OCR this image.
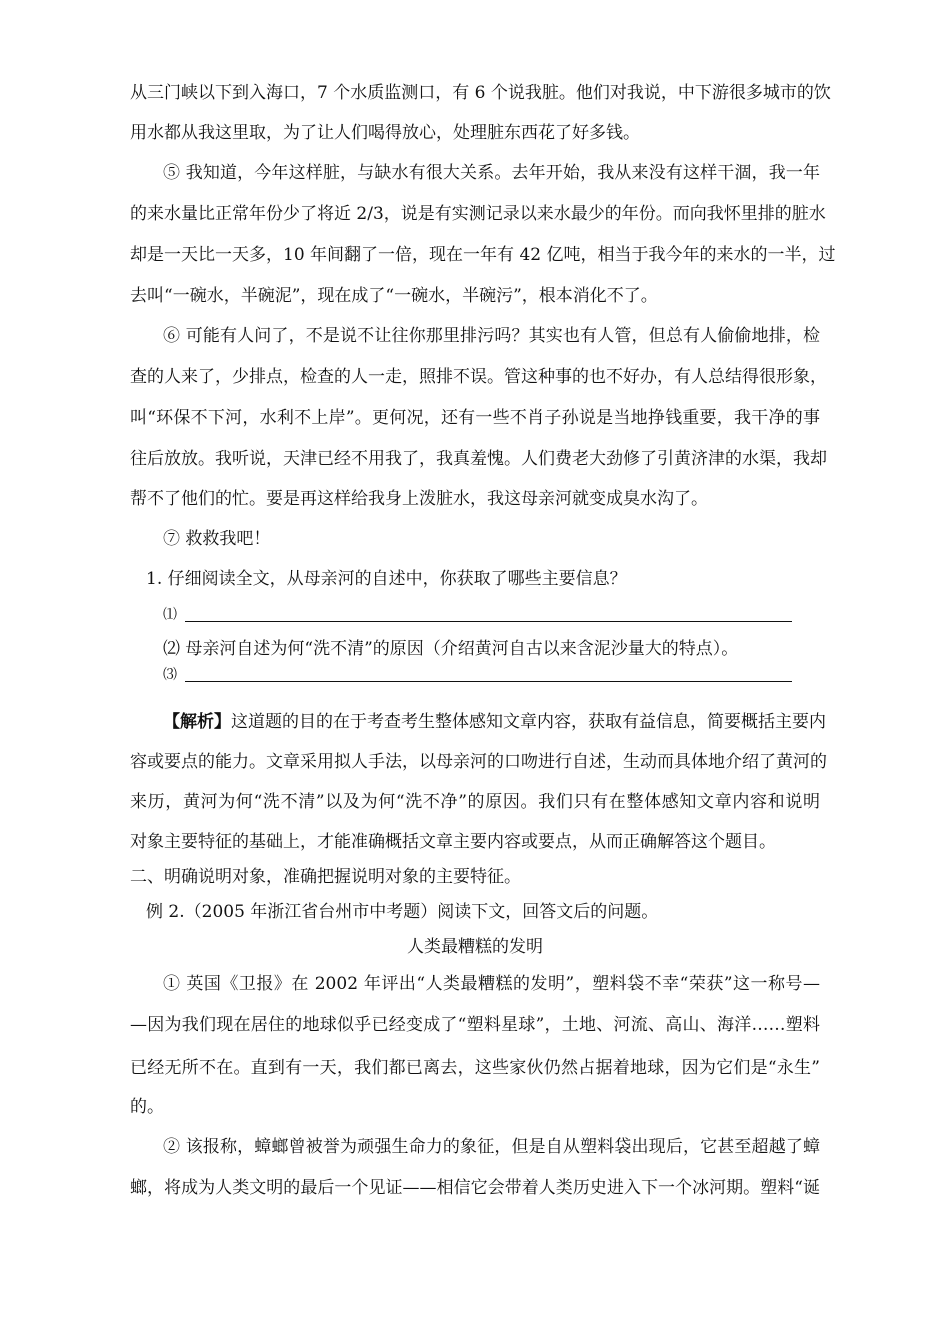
从三门峡以下到入海口，7 个水质监测口，有 6 个说我脏。他们对我说，中下游很多城市的饮
用水都从我这里取，为了让人们喝得放心，处理脏东西花了好多钱。
⑤ 我知道，今年这样脏，与缺水有很大关系。去年开始，我从来没有这样干涸，我一年
的来水量比正常年份少了将近 2/3，说是有实测记录以来水最少的年份。而向我怀里排的脏水
却是一天比一天多，10 年间翻了一倍，现在一年有 42 亿吨，相当于我今年的来水的一半，过
去叫“一碗水，半碗泥”，现在成了“一碗水，半碗污”，根本消化不了。
⑥ 可能有人问了，不是说不让往你那里排污吗？其实也有人管，但总有人偷偷地排，检
查的人来了，少排点，检查的人一走，照排不误。管这种事的也不好办，有人总结得很形象，
叫“环保不下河，水利不上岸”。更何况，还有一些不肖子孙说是当地挣钱重要，我干净的事
往后放放。我听说，天津已经不用我了，我真羞愧。人们费老大劲修了引黄济津的水渠，我却
帮不了他们的忙。要是再这样给我身上泼脏水，我这母亲河就变成臭水沟了。
⑦ 救救我吧！
1. 仔细阅读全文，从母亲河的自述中，你获取了哪些主要信息？
⑴
⑵ 母亲河自述为何“洗不清”的原因（介绍黄河自古以来含泥沙量大的特点）。
⑶
【解析】这道题的目的在于考查考生整体感知文章内容，获取有益信息，简要概括主要内
容或要点的能力。文章采用拟人手法，以母亲河的口吻进行自述，生动而具体地介绍了黄河的
来历，黄河为何“洗不清”以及为何“洗不净”的原因。我们只有在整体感知文章内容和说明
对象主要特征的基础上，才能准确概括文章主要内容或要点，从而正确解答这个题目。
二、明确说明对象，准确把握说明对象的主要特征。
例 2.（2005 年浙江省台州市中考题）阅读下文，回答文后的问题。
人类最糟糕的发明
① 英国《卫报》在 2002 年评出“人类最糟糕的发明”，塑料袋不幸“荣获”这一称号—
—因为我们现在居住的地球似乎已经变成了“塑料星球”，土地、河流、高山、海洋……塑料
已经无所不在。直到有一天，我们都已离去，这些家伙仍然占据着地球，因为它们是“永生”
的。
② 该报称，蟑螂曾被誉为顽强生命力的象征，但是自从塑料袋出现后，它甚至超越了蟑
螂，将成为人类文明的最后一个见证——相信它会带着人类历史进入下一个冰河期。塑料“诞
